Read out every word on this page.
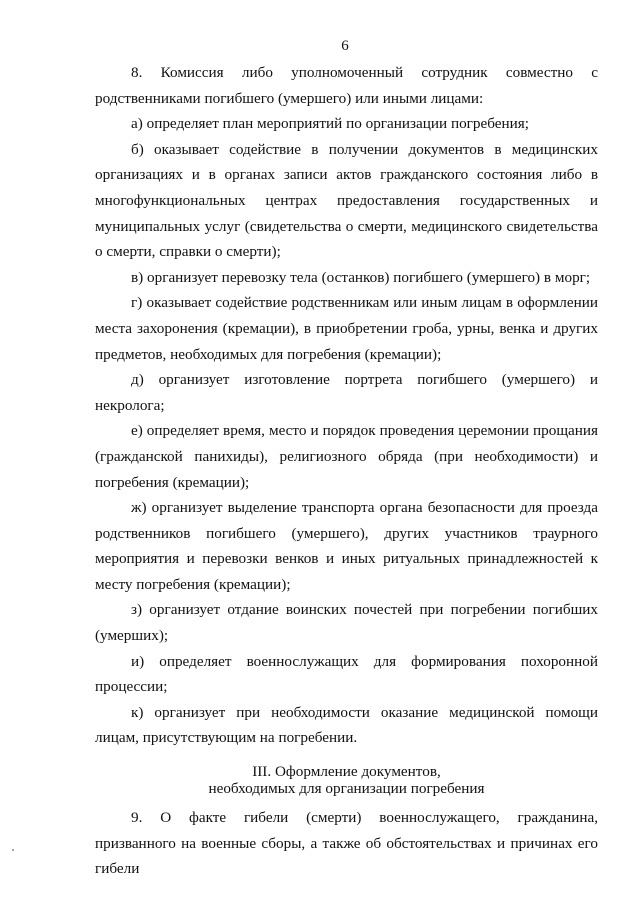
6

8. Комиссия либо уполномоченный сотрудник совместно с родственниками погибшего (умершего) или иными лицами:

а) определяет план мероприятий по организации погребения;

б) оказывает содействие в получении документов в медицинских организациях и в органах записи актов гражданского состояния либо в многофункциональных центрах предоставления государственных и муниципальных услуг (свидетельства о смерти, медицинского свидетельства о смерти, справки о смерти);

в) организует перевозку тела (останков) погибшего (умершего) в морг;

г) оказывает содействие родственникам или иным лицам в оформлении места захоронения (кремации), в приобретении гроба, урны, венка и других предметов, необходимых для погребения (кремации);

д) организует изготовление портрета погибшего (умершего) и некролога;

е) определяет время, место и порядок проведения церемонии прощания (гражданской панихиды), религиозного обряда (при необходимости) и погребения (кремации);

ж) организует выделение транспорта органа безопасности для проезда родственников погибшего (умершего), других участников траурного мероприятия и перевозки венков и иных ритуальных принадлежностей к месту погребения (кремации);

з) организует отдание воинских почестей при погребении погибших (умерших);

и) определяет военнослужащих для формирования похоронной процессии;

к) организует при необходимости оказание медицинской помощи лицам, присутствующим на погребении.

III. Оформление документов,
необходимых для организации погребения

9. О факте гибели (смерти) военнослужащего, гражданина, призванного на военные сборы, а также об обстоятельствах и причинах его гибели
